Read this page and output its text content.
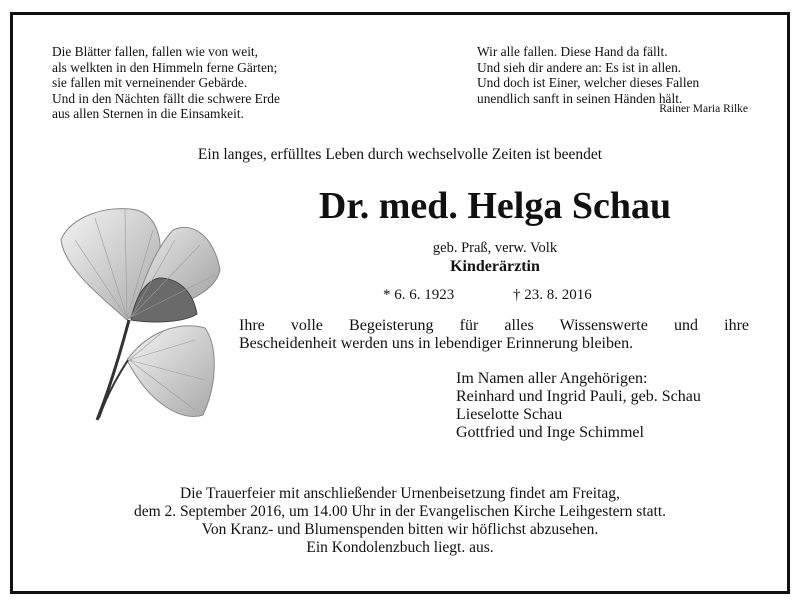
Die Blätter fallen, fallen wie von weit,
als welkten in den Himmeln ferne Gärten;
sie fallen mit verneinender Gebärde.
Und in den Nächten fällt die schwere Erde
aus allen Sternen in die Einsamkeit.
Wir alle fallen. Diese Hand da fällt.
Und sieh dir andere an: Es ist in allen.
Und doch ist Einer, welcher dieses Fallen
unendlich sanft in seinen Händen hält.
Rainer Maria Rilke
Ein langes, erfülltes Leben durch wechselvolle Zeiten ist beendet
Dr. med. Helga Schau
geb. Praß, verw. Volk
Kinderärztin
* 6. 6. 1923	† 23. 8. 2016
Ihre volle Begeisterung für alles Wissenswerte und ihre
Bescheidenheit werden uns in lebendiger Erinnerung bleiben.
Im Namen aller Angehörigen:
Reinhard und Ingrid Pauli, geb. Schau
Lieselotte Schau
Gottfried und Inge Schimmel
Die Trauerfeier mit anschließender Urnenbeisetzung findet am Freitag,
dem 2. September 2016, um 14.00 Uhr in der Evangelischen Kirche Leihgestern statt.
Von Kranz- und Blumenspenden bitten wir höflichst abzusehen.
Ein Kondolenzbuch liegt. aus.
